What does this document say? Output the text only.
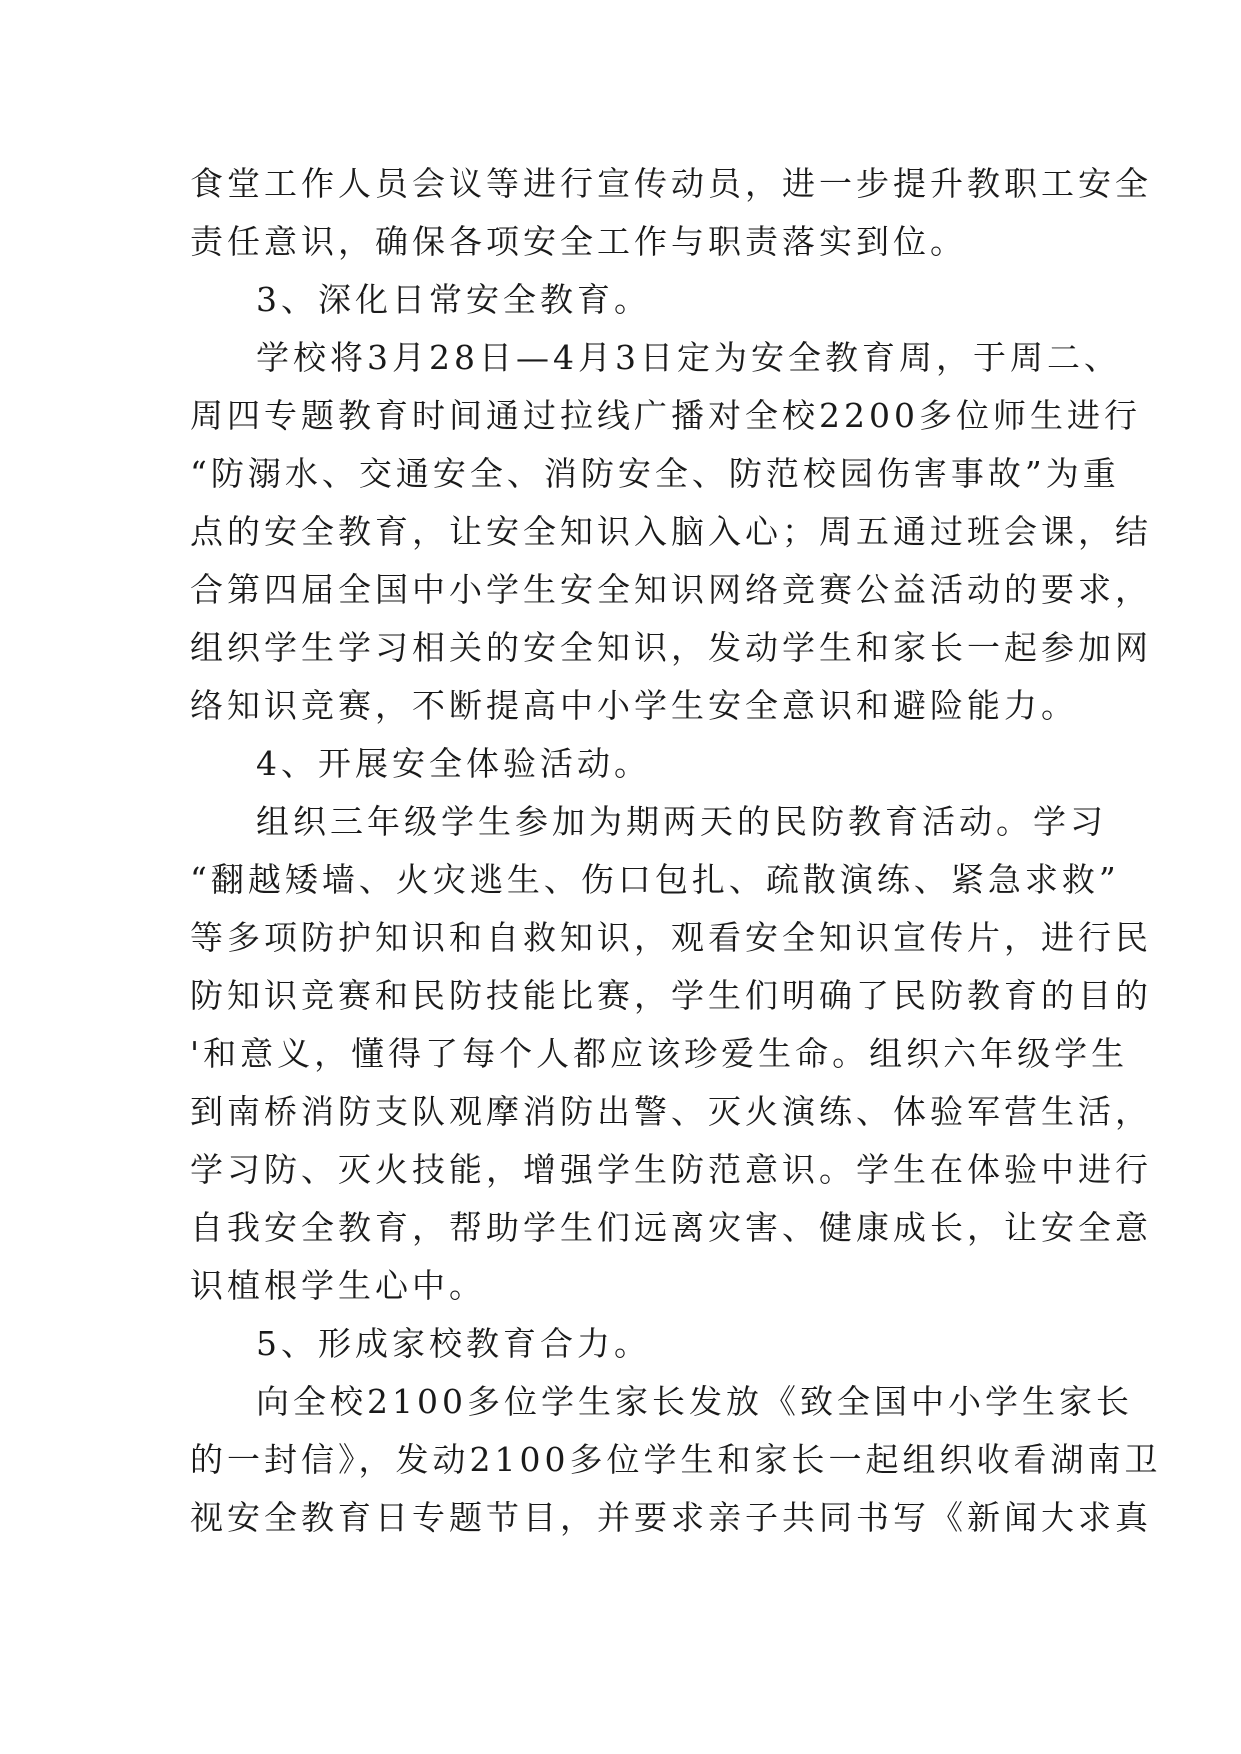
食堂工作人员会议等进行宣传动员，进一步提升教职工安全
责任意识，确保各项安全工作与职责落实到位。
3、深化日常安全教育。
学校将3月28日—4月3日定为安全教育周，于周二、
周四专题教育时间通过拉线广播对全校2200多位师生进行
“防溺水、交通安全、消防安全、防范校园伤害事故”为重
点的安全教育，让安全知识入脑入心；周五通过班会课，结
合第四届全国中小学生安全知识网络竞赛公益活动的要求，
组织学生学习相关的安全知识，发动学生和家长一起参加网
络知识竞赛，不断提高中小学生安全意识和避险能力。
4、开展安全体验活动。
组织三年级学生参加为期两天的民防教育活动。学习
“翻越矮墙、火灾逃生、伤口包扎、疏散演练、紧急求救”
等多项防护知识和自救知识，观看安全知识宣传片，进行民
防知识竞赛和民防技能比赛，学生们明确了民防教育的目的
'和意义，懂得了每个人都应该珍爱生命。组织六年级学生
到南桥消防支队观摩消防出警、灭火演练、体验军营生活，
学习防、灭火技能，增强学生防范意识。学生在体验中进行
自我安全教育，帮助学生们远离灾害、健康成长，让安全意
识植根学生心中。
5、形成家校教育合力。
向全校2100多位学生家长发放《致全国中小学生家长
的一封信》，发动2100多位学生和家长一起组织收看湖南卫
视安全教育日专题节目，并要求亲子共同书写《新闻大求真
